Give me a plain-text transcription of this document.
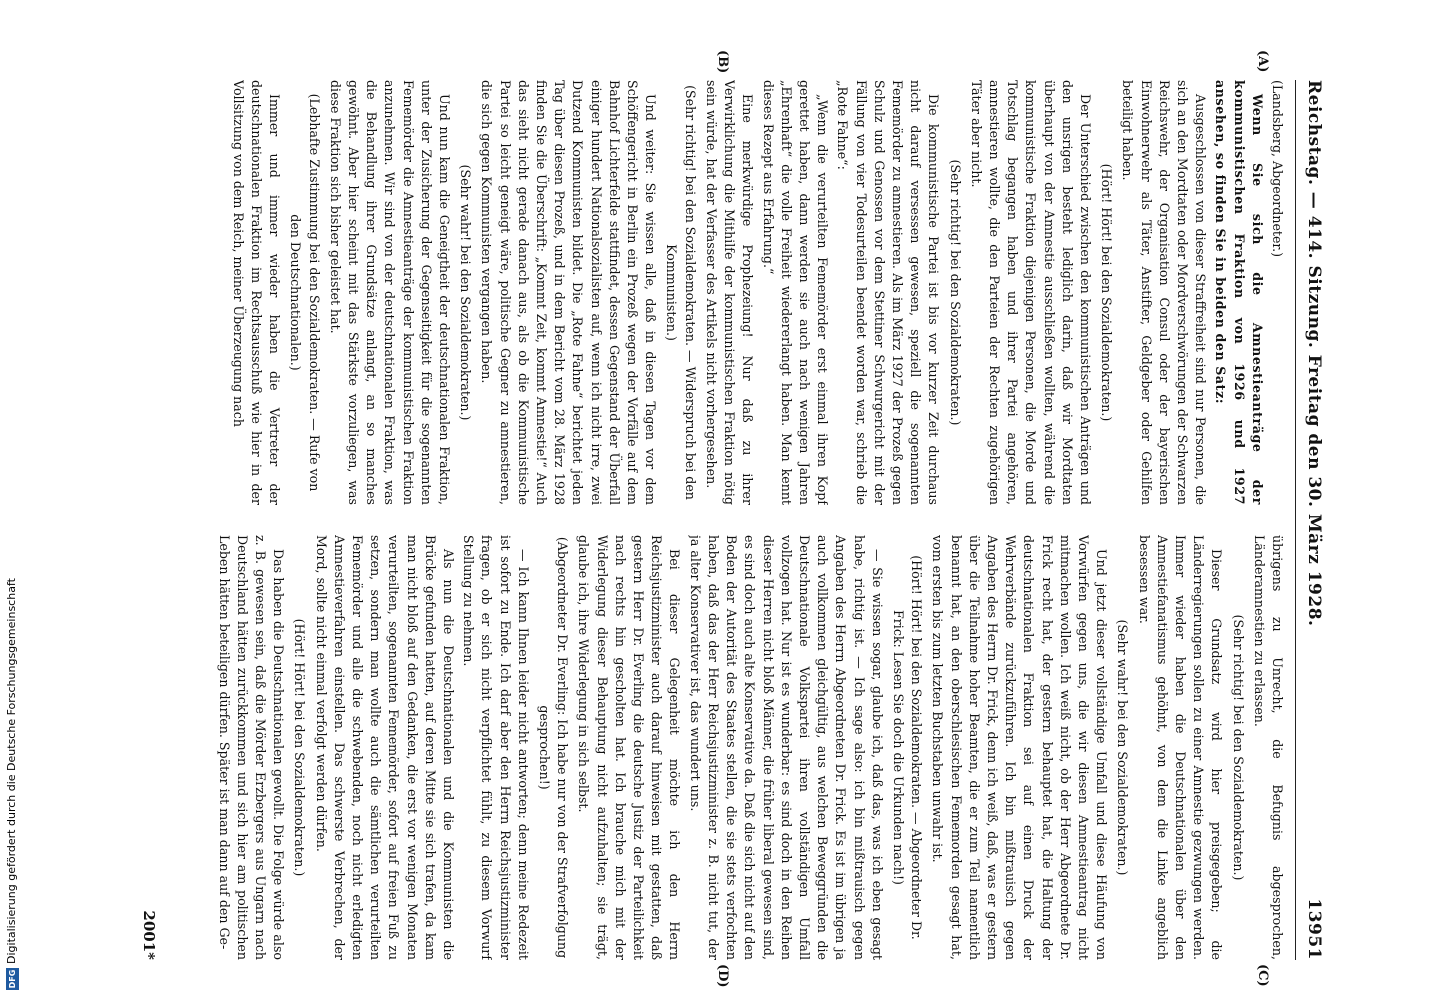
DFGDigitalisierung gefördert durch die Deutsche Forschungsgemeinschaft
Reichstag. — 414. Sitzung. Freitag den 30. März 1928.
13951
(A)
(B)
(C)
(D)

(Landsberg, Abgeordneter.)

Wenn Sie sich die Amnestieanträge der kommunistischen Fraktion von 1926 und 1927 ansehen, so finden Sie in beiden den Satz:

Ausgeschlossen von dieser Straffreiheit sind nur Personen, die sich an den Mordtaten oder Mordverschwörungen der Schwarzen Reichswehr, der Organisation Consul oder der bayerischen Einwohnerwehr als Täter, Anstifter, Geldgeber oder Gehilfen beteiligt haben.

(Hört! Hört! bei den Sozialdemokraten.)

Der Unterschied zwischen den kommunistischen Anträgen und den unsrigen besteht lediglich darin, daß wir Mordtaten überhaupt von der Amnestie ausschließen wollten, während die kommunistische Fraktion diejenigen Personen, die Morde und Totschlag begangen haben und ihrer Partei angehören, amnestieren wollte, die den Parteien der Rechten zugehörigen Täter aber nicht.

(Sehr richtig! bei den Sozialdemokraten.)

Die kommunistische Partei ist bis vor kurzer Zeit durchaus nicht darauf versessen gewesen, speziell die sogenannten Fememörder zu amnestieren. Als im März 1927 der Prozeß gegen Schulz und Genossen vor dem Stettiner Schwurgericht mit der Fällung von vier Todesurteilen beendet worden war, schrieb die „Rote Fahne“:

„Wenn die verurteilten Fememörder erst einmal ihren Kopf gerettet haben, dann werden sie auch nach wenigen Jahren „Ehrenhaft“ die volle Freiheit wiedererlangt haben. Man kennt dieses Rezept aus Erfahrung.“

Eine merkwürdige Prophezeiung! Nur daß zu ihrer Verwirklichung die Mithilfe der kommunistischen Fraktion nötig sein würde, hat der Verfasser des Artikels nicht vorhergesehen.

(Sehr richtig! bei den Sozialdemokraten. — Widerspruch bei den Kommunisten.)

Und weiter: Sie wissen alle, daß in diesen Tagen vor dem Schöffengericht in Berlin ein Prozeß wegen der Vorfälle auf dem Bahnhof Lichterfelde stattfindet, dessen Gegenstand der Überfall einiger hundert Nationalsozialisten auf, wenn ich nicht irre, zwei Dutzend Kommunisten bildet. Die „Rote Fahne“ berichtet jeden Tag über diesen Prozeß, und in dem Bericht vom 28. März 1928 finden Sie die Überschrift: „Kommt Zeit, kommt Amnestie!“ Auch das sieht nicht gerade danach aus, als ob die Kommunistische Partei so leicht geneigt wäre, politische Gegner zu amnestieren, die sich gegen Kommunisten vergangen haben.

(Sehr wahr! bei den Sozialdemokraten.)

Und nun kam die Geneigtheit der deutschnationalen Fraktion, unter der Zusicherung der Gegenseitigkeit für die sogenannten Fememörder die Amnestieanträge der kommunistischen Fraktion anzunehmen. Wir sind von der deutschnationalen Fraktion, was die Behandlung ihrer Grundsätze anlangt, an so manches gewöhnt. Aber hier scheint mit das Stärkste vorzuliegen, was diese Fraktion sich bisher geleistet hat.

(Lebhafte Zustimmung bei den Sozialdemokraten. — Rufe von den Deutschnationalen.)

Immer und immer wieder haben die Vertreter der deutschnationalen Fraktion im Rechtsausschuß wie hier in der Vollsitzung von dem Reich, meiner Überzeugung nach

übrigens zu Unrecht, die Befugnis abgesprochen, Länderamnestien zu erlassen.

(Sehr richtig! bei den Sozialdemokraten.)

Dieser Grundsatz wird hier preisgegeben; die Länderregierungen sollen zu einer Amnestie gezwungen werden. Immer wieder haben die Deutschnationalen über den Amnestiefanatismus gehöhnt, von dem die Linke angeblich besessen war.

(Sehr wahr! bei den Sozialdemokraten.)

Und jetzt dieser vollständige Umfall und diese Häufung von Vorwürfen gegen uns, die wir diesen Amnestieantrag nicht mitmachen wollen. Ich weiß nicht, ob der Herr Abgeordnete Dr. Frick recht hat, der gestern behauptet hat, die Haltung der deutschnationalen Fraktion sei auf einen Druck der Wehrverbände zurückzuführen. Ich bin mißtrauisch gegen Angaben des Herrn Dr. Frick, denn ich weiß, daß, was er gestern über die Teilnahme hoher Beamten, die er zum Teil namentlich benannt hat, an den oberschlesischen Fememorden gesagt hat, vom ersten bis zum letzten Buchstaben unwahr ist.

(Hört! Hört! bei den Sozialdemokraten. — Abgeordneter Dr. Frick: Lesen Sie doch die Urkunden nach!)

— Sie wissen sogar, glaube ich, daß das, was ich eben gesagt habe, richtig ist. — Ich sage also: ich bin mißtrauisch gegen Angaben des Herrn Abgeordneten Dr. Frick. Es ist im übrigen ja auch vollkommen gleichgültig, aus welchen Beweggründen die Deutschnationale Volkspartei ihren vollständigen Umfall vollzogen hat. Nur ist es wunderbar: es sind doch in den Reihen dieser Herren nicht bloß Männer, die früher liberal gewesen sind, es sind doch auch alte Konservative da. Daß die sich nicht auf den Boden der Autorität des Staates stellen, die sie stets verfochten haben, daß das der Herr Reichsjustizminister z. B. nicht tut, der ja alter Konservativer ist, das wundert uns.

Bei dieser Gelegenheit möchte ich den Herrn Reichsjustizminister auch darauf hinweisen mit gestatten, daß gestern Herr Dr. Everling die deutsche Justiz der Parteilichkeit nach rechts hin gescholten hat. Ich brauche mich mit der Widerlegung dieser Behauptung nicht aufzuhalten; sie trägt, glaube ich, ihre Widerlegung in sich selbst.

(Abgeordneter Dr. Everling: Ich habe nur von der Strafverfolgung gesprochen!)

— Ich kann Ihnen leider nicht antworten; denn meine Redezeit ist sofort zu Ende. Ich darf aber den Herrn Reichsjustizminister fragen, ob er sich nicht verpflichtet fühlt, zu diesem Vorwurf Stellung zu nehmen.

Als nun die Deutschnationalen und die Kommunisten die Brücke gefunden hatten, auf deren Mitte sie sich trafen, da kam man nicht bloß auf den Gedanken, die erst vor wenigen Monaten verurteilten, sogenannten Fememörder, sofort auf freien Fuß zu setzen, sondern man wollte auch die sämtlichen verurteilten Fememörder und alle die schwebenden, noch nicht erledigten Amnestieverfahren einstellen. Das schwerste Verbrechen, der Mord, sollte nicht einmal verfolgt werden dürfen.

(Hört! Hört! bei den Sozialdemokraten.)

Das haben die Deutschnationalen gewollt. Die Folge würde also z. B. gewesen sein, daß die Mörder Erzbergers aus Ungarn nach Deutschland hätten zurückkommen und sich hier am politischen Leben hätten beteiligen dürfen. Später ist man dann auf den Ge-

2001*
